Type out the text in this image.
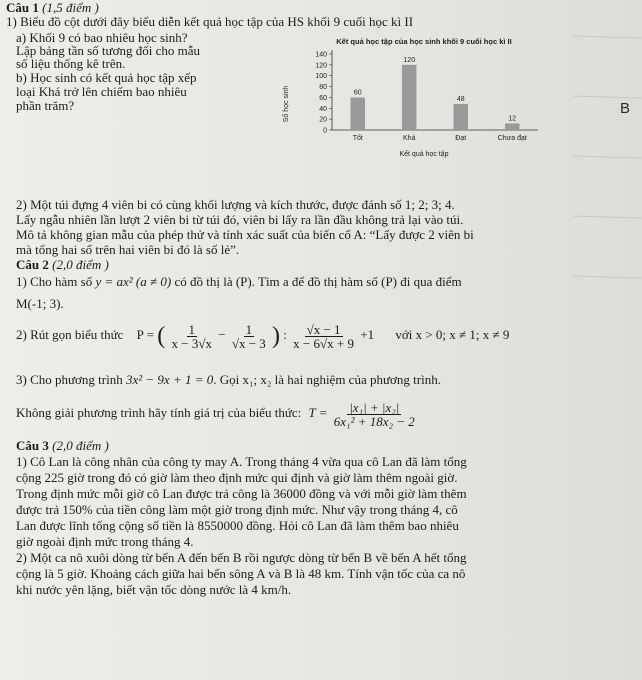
Câu 1 (1,5 điểm )
1) Biểu đồ cột dưới đây biểu diễn kết quả học tập của HS khối 9 cuối học kì II
a) Khối 9 có bao nhiêu học sinh?
Lập bảng tần số tương đối cho mẫu
số liệu thống kê trên.
b) Học sinh có kết quả học tập xếp
loại Khá trở lên chiếm bao nhiêu
phần trăm?
Kết quả học tập của học sinh khối 9 cuối học kì II
Số học sinh
Kết quả học tập
0
20
40
60
80
100
120
140
60
Tốt
120
Khá
48
Đạt
12
Chưa đạt
B
2) Một túi đựng 4 viên bi có cùng khối lượng và kích thước, được đánh số 1; 2; 3; 4.
Lấy ngẫu nhiên lần lượt 2 viên bi từ túi đó, viên bi lấy ra lần đầu không trả lại vào túi.
Mô tả không gian mẫu của phép thử và tính xác suất của biến cố A: “Lấy được 2 viên bi
mà tổng hai số trên hai viên bi đó là số lẻ”.
Câu 2 (2,0 điểm )
1) Cho hàm số y = ax² (a ≠ 0) có đồ thị là (P). Tìm a để đồ thị hàm số (P) đi qua điểm
M(-1; 3).
2) Rút gọn biểu thức P = ( $\frac{1}{x - 3√x} - \frac{1}{√x - 3}$ ) : $\frac{√x - 1}{x - 6√x + 9} +1$ với x > 0; x ≠ 1; x ≠ 9
3) Cho phương trình 3x² − 9x + 1 = 0. Gọi x₁; x₂ là hai nghiệm của phương trình.
Không giải phương trình hãy tính giá trị của biểu thức: $T = \frac{\text{|x₁| + |x₂|}}{\text{6x₁² + 18x₂ − 2}}$
Câu 3 (2,0 điểm )
1) Cô Lan là công nhân của công ty may A. Trong tháng 4 vừa qua cô Lan đã làm tổng
cộng 225 giờ trong đó có giờ làm theo định mức qui định và giờ làm thêm ngoài giờ.
Trong định mức mỗi giờ cô Lan được trả công là 36000 đồng và với mỗi giờ làm thêm
được trả 150% của tiền công làm một giờ trong định mức. Như vậy trong tháng 4, cô
Lan được lĩnh tổng cộng số tiền là 8550000 đồng. Hỏi cô Lan đã làm thêm bao nhiêu
giờ ngoài định mức trong tháng 4.
2) Một ca nô xuôi dòng từ bến A đến bến B rồi ngược dòng từ bến B về bến A hết tổng
cộng là 5 giờ. Khoảng cách giữa hai bến sông A và B là 48 km. Tính vận tốc của ca nô
khi nước yên lặng, biết vận tốc dòng nước là 4 km/h.
